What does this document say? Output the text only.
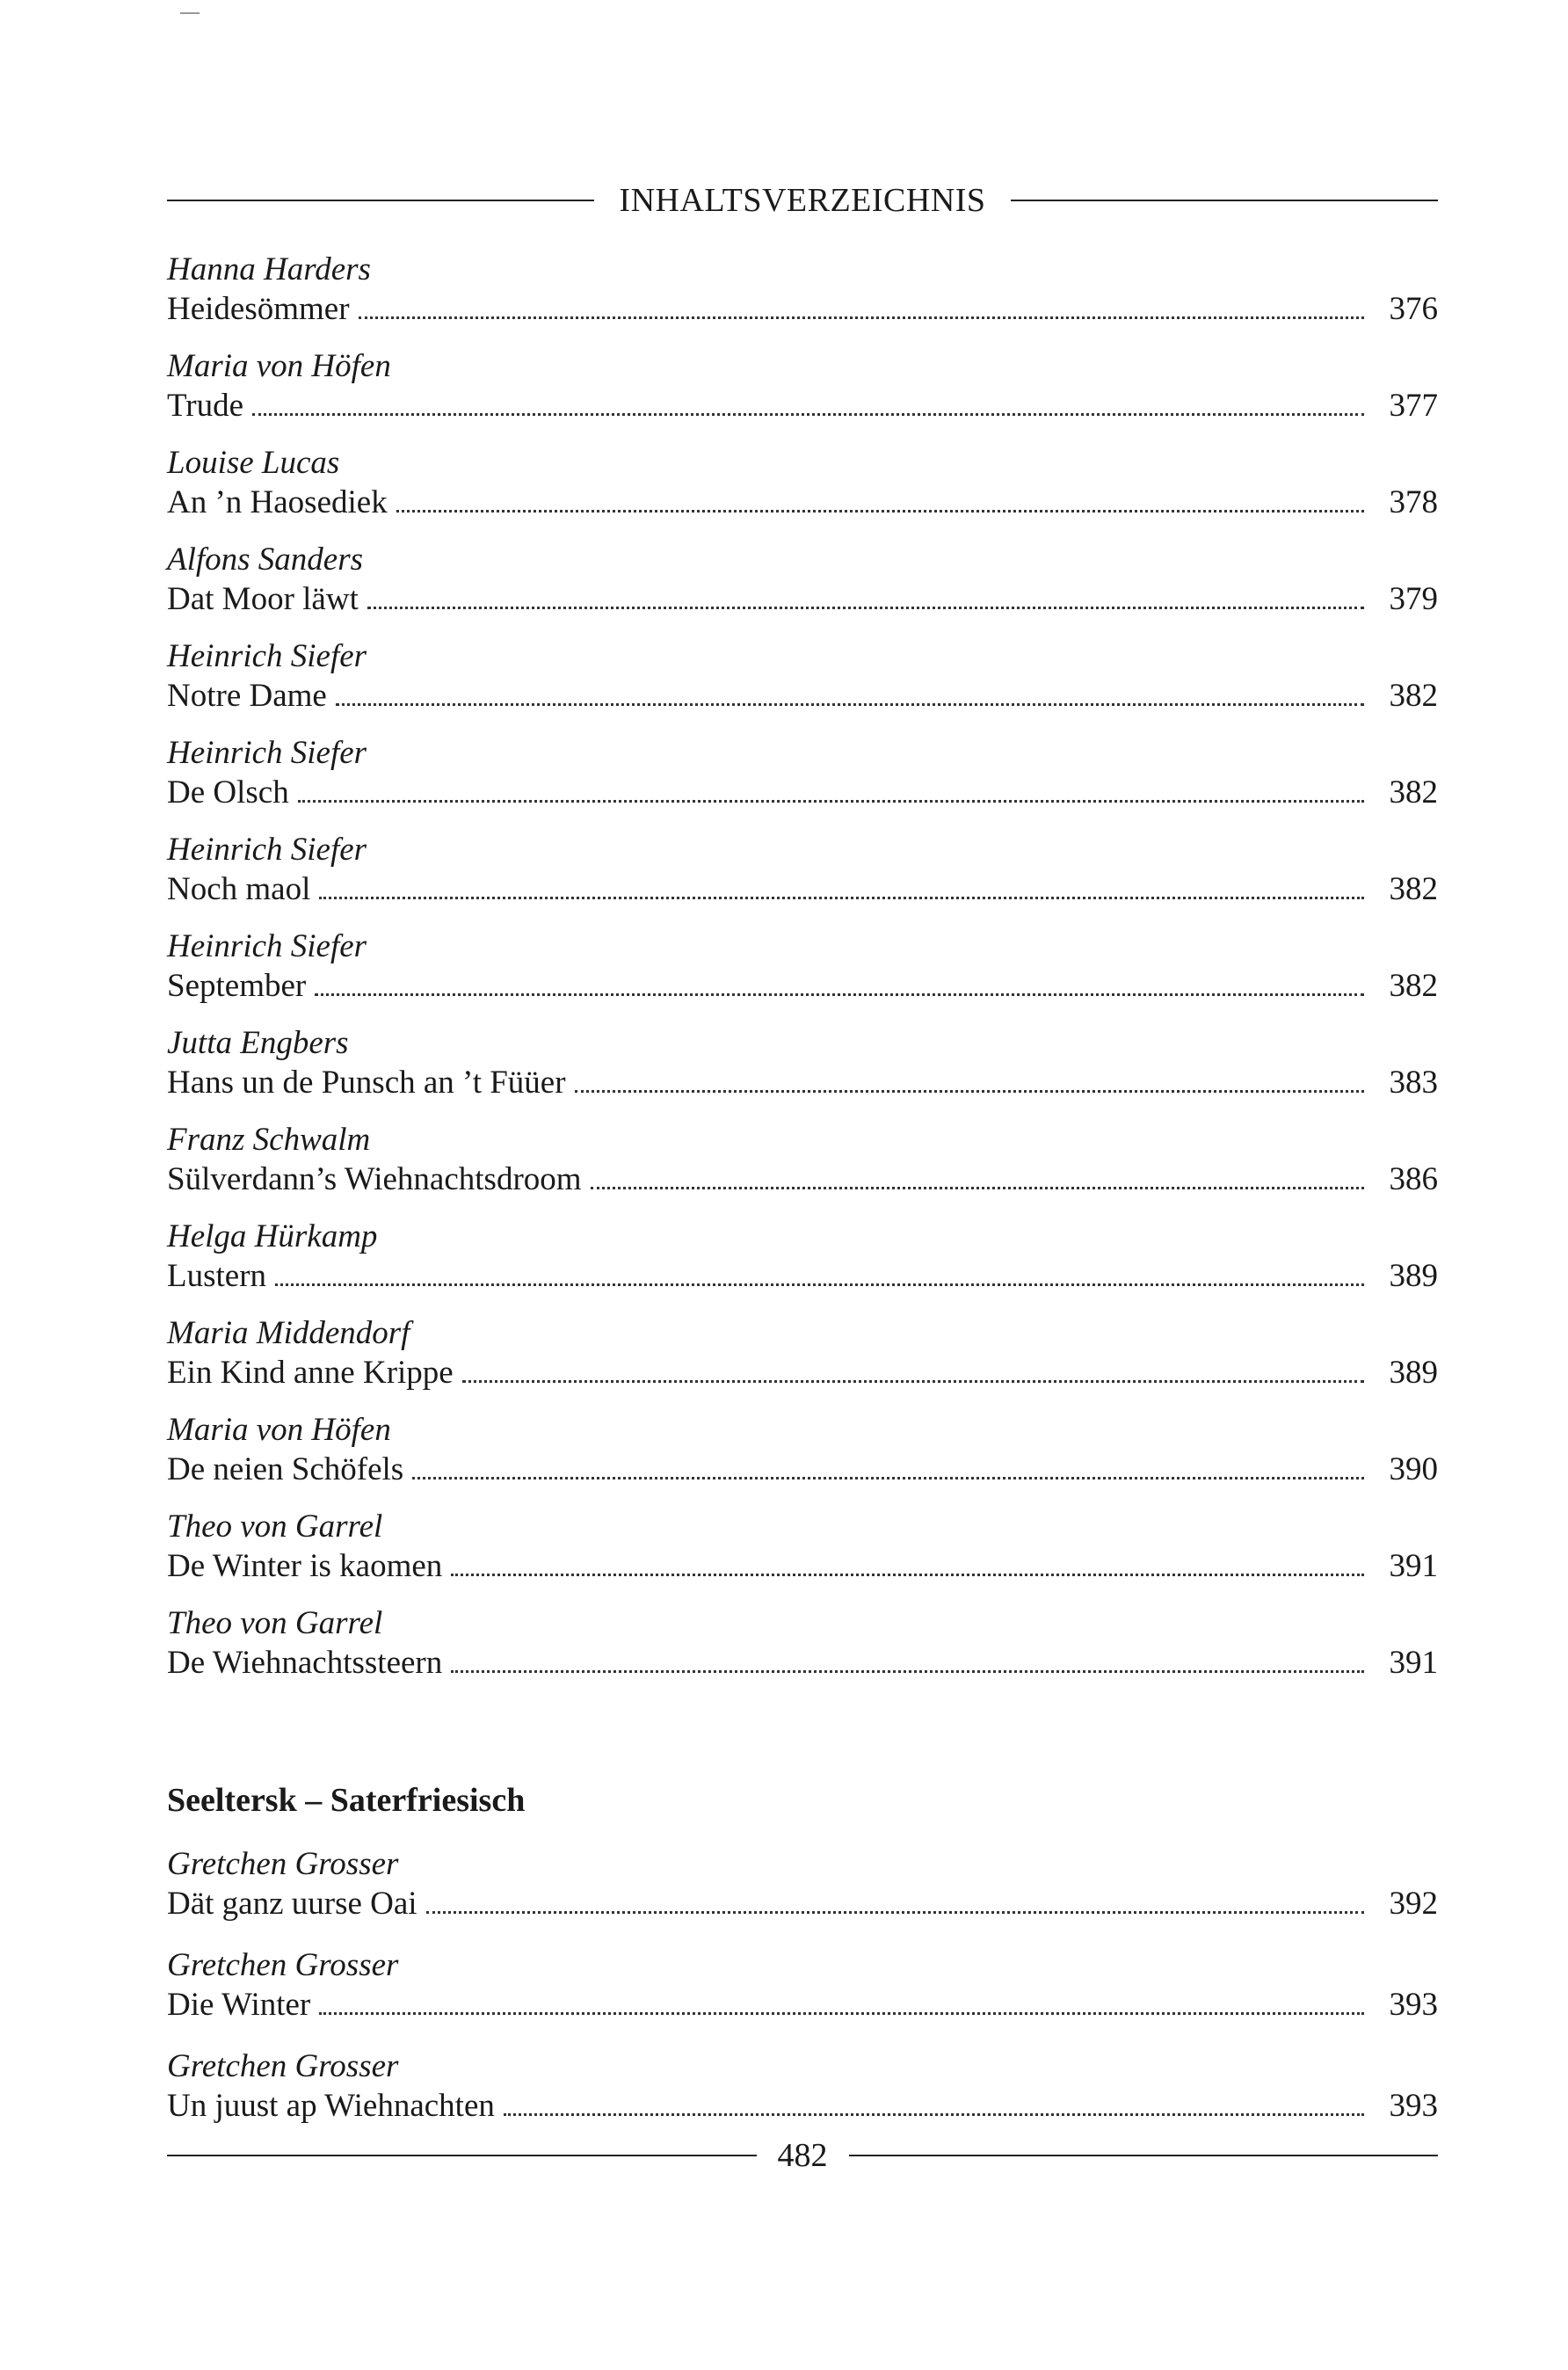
INHALTSVERZEICHNIS
Hanna Harders
Heidesömmer	376
Maria von Höfen
Trude	377
Louise Lucas
An ’n Haosediek	378
Alfons Sanders
Dat Moor läwt	379
Heinrich Siefer
Notre Dame	382
Heinrich Siefer
De Olsch	382
Heinrich Siefer
Noch maol	382
Heinrich Siefer
September	382
Jutta Engbers
Hans un de Punsch an ’t Füüer	383
Franz Schwalm
Sülverdann’s Wiehnachtsdroom	386
Helga Hürkamp
Lustern	389
Maria Middendorf
Ein Kind anne Krippe	389
Maria von Höfen
De neien Schöfels	390
Theo von Garrel
De Winter is kaomen	391
Theo von Garrel
De Wiehnachtssteern	391
Seeltersk – Saterfriesisch
Gretchen Grosser
Dät ganz uurse Oai	392
Gretchen Grosser
Die Winter	393
Gretchen Grosser
Un juust ap Wiehnachten	393
482
